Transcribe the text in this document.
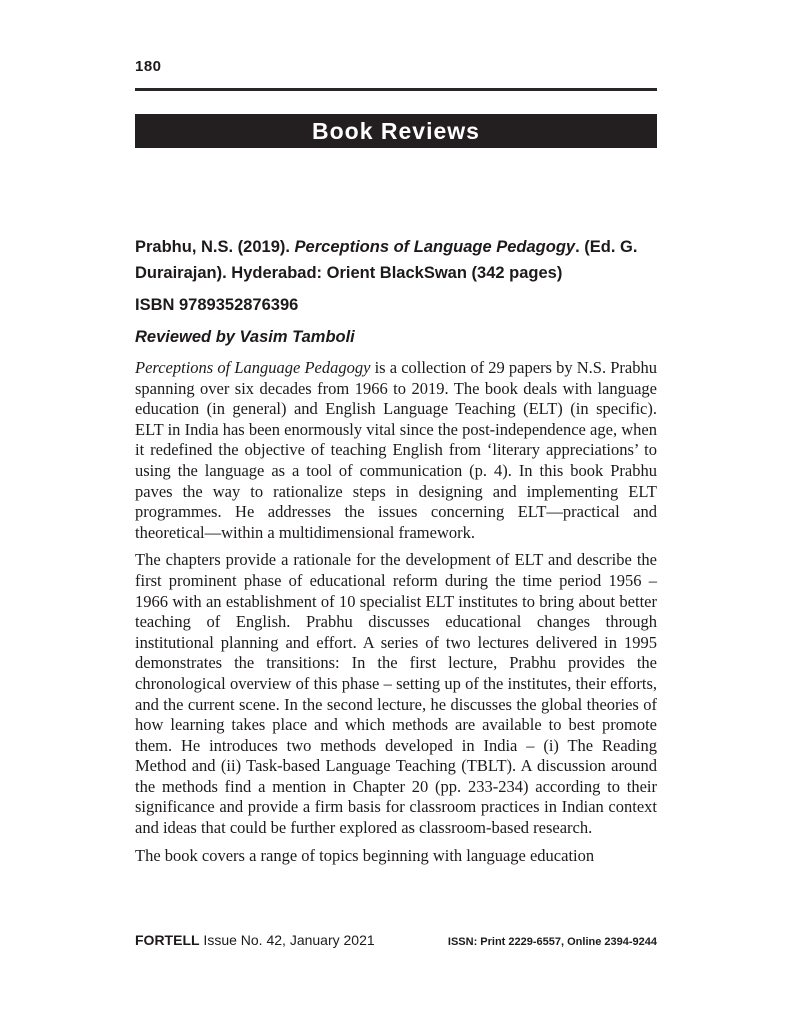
180
Book Reviews
Prabhu, N.S. (2019). Perceptions of Language Pedagogy. (Ed. G. Durairajan). Hyderabad: Orient BlackSwan (342 pages)
ISBN 9789352876396
Reviewed by Vasim Tamboli

Perceptions of Language Pedagogy is a collection of 29 papers by N.S. Prabhu spanning over six decades from 1966 to 2019. The book deals with language education (in general) and English Language Teaching (ELT) (in specific). ELT in India has been enormously vital since the post-independence age, when it redefined the objective of teaching English from ‘literary appreciations’ to using the language as a tool of communication (p. 4). In this book Prabhu paves the way to rationalize steps in designing and implementing ELT programmes. He addresses the issues concerning ELT—practical and theoretical—within a multidimensional framework.

The chapters provide a rationale for the development of ELT and describe the first prominent phase of educational reform during the time period 1956 – 1966 with an establishment of 10 specialist ELT institutes to bring about better teaching of English. Prabhu discusses educational changes through institutional planning and effort. A series of two lectures delivered in 1995 demonstrates the transitions: In the first lecture, Prabhu provides the chronological overview of this phase – setting up of the institutes, their efforts, and the current scene. In the second lecture, he discusses the global theories of how learning takes place and which methods are available to best promote them. He introduces two methods developed in India – (i) The Reading Method and (ii) Task-based Language Teaching (TBLT). A discussion around the methods find a mention in Chapter 20 (pp. 233-234) according to their significance and provide a firm basis for classroom practices in Indian context and ideas that could be further explored as classroom-based research.

The book covers a range of topics beginning with language education

FORTELL Issue No. 42, January 2021	ISSN: Print 2229-6557, Online 2394-9244
